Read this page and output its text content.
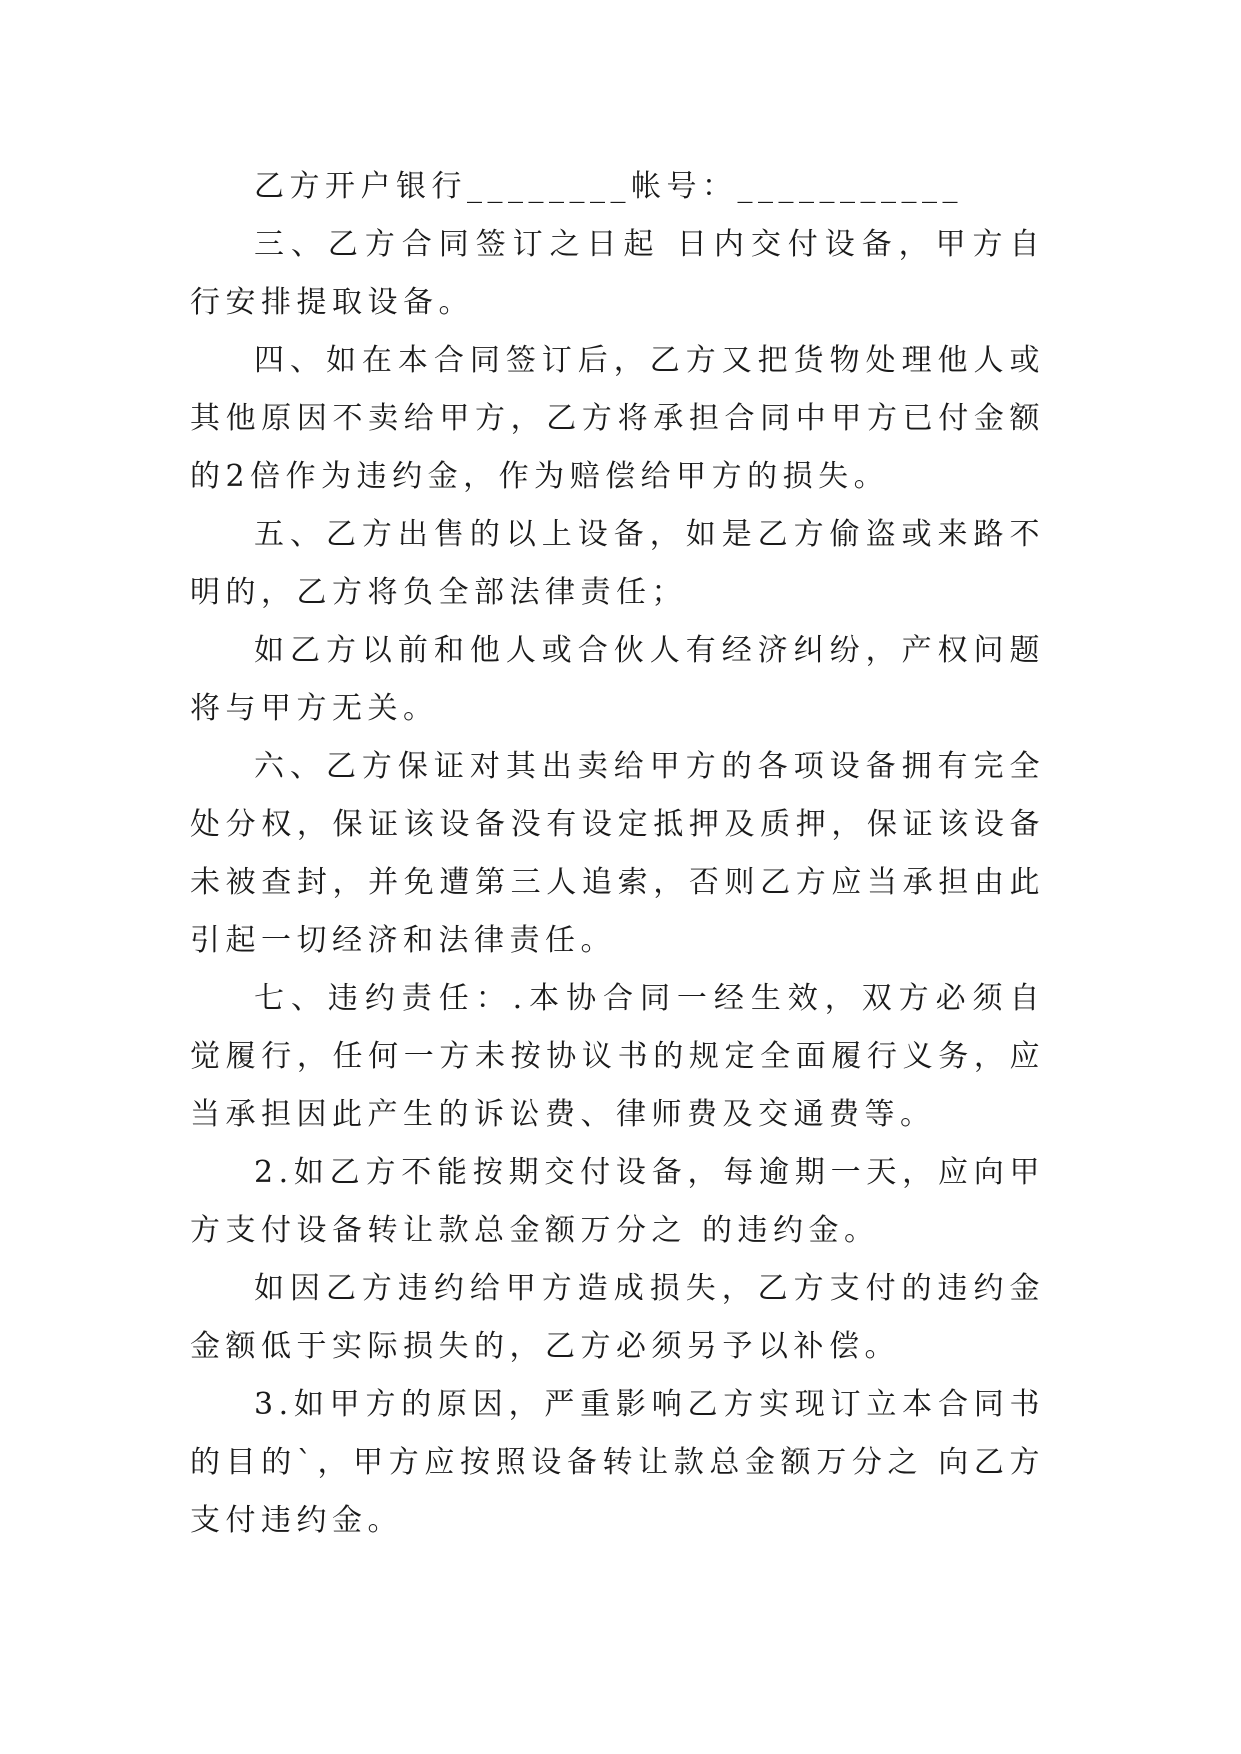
乙方开户银行________帐号：___________

三、乙方合同签订之日起 日内交付设备，甲方自行安排提取设备。

四、如在本合同签订后，乙方又把货物处理他人或其他原因不卖给甲方，乙方将承担合同中甲方已付金额的2倍作为违约金，作为赔偿给甲方的损失。

五、乙方出售的以上设备，如是乙方偷盗或来路不明的，乙方将负全部法律责任；

如乙方以前和他人或合伙人有经济纠纷，产权问题将与甲方无关。

六、乙方保证对其出卖给甲方的各项设备拥有完全处分权，保证该设备没有设定抵押及质押，保证该设备未被查封，并免遭第三人追索，否则乙方应当承担由此引起一切经济和法律责任。

七、违约责任：.本协合同一经生效，双方必须自觉履行，任何一方未按协议书的规定全面履行义务，应当承担因此产生的诉讼费、律师费及交通费等。

2.如乙方不能按期交付设备，每逾期一天，应向甲方支付设备转让款总金额万分之 的违约金。

如因乙方违约给甲方造成损失，乙方支付的违约金金额低于实际损失的，乙方必须另予以补偿。

3.如甲方的原因，严重影响乙方实现订立本合同书的目的`，甲方应按照设备转让款总金额万分之 向乙方支付违约金。
